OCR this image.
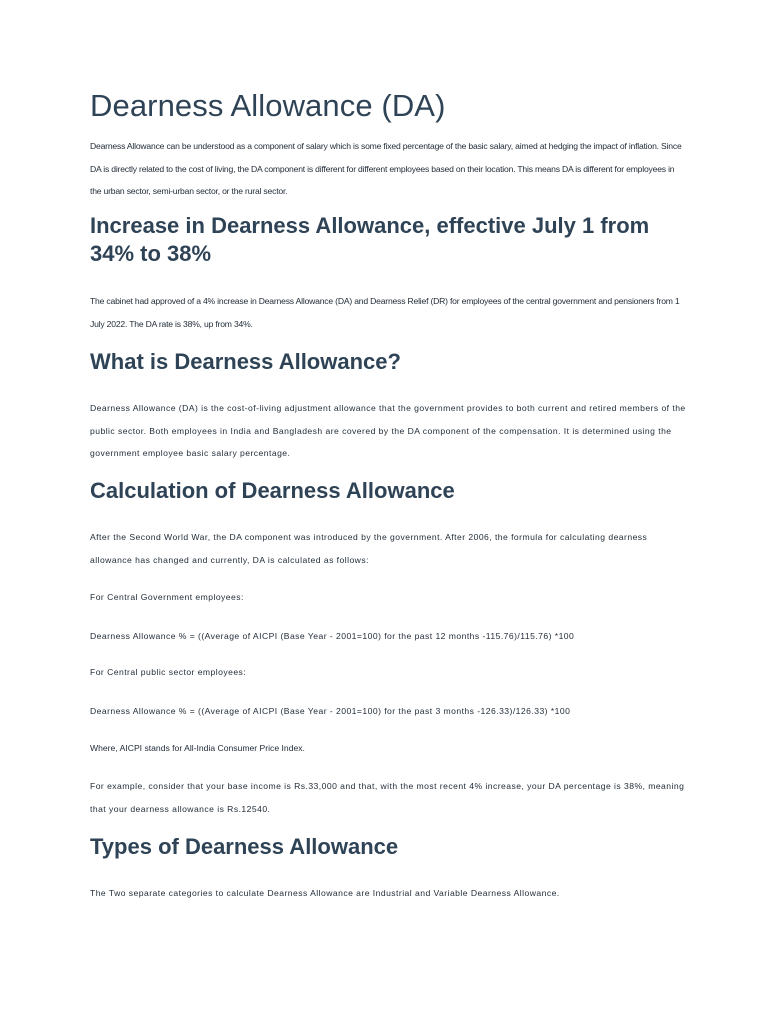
Dearness Allowance (DA)

Dearness Allowance can be understood as a component of salary which is some fixed percentage of the basic salary, aimed at hedging the impact of inflation. Since DA is directly related to the cost of living, the DA component is different for different employees based on their location. This means DA is different for employees in the urban sector, semi-urban sector, or the rural sector.

Increase in Dearness Allowance, effective July 1 from 34% to 38%

The cabinet had approved of a 4% increase in Dearness Allowance (DA) and Dearness Relief (DR) for employees of the central government and pensioners from 1 July 2022. The DA rate is 38%, up from 34%.

What is Dearness Allowance?

Dearness Allowance (DA) is the cost-of-living adjustment allowance that the government provides to both current and retired members of the public sector. Both employees in India and Bangladesh are covered by the DA component of the compensation. It is determined using the government employee basic salary percentage.

Calculation of Dearness Allowance

After the Second World War, the DA component was introduced by the government. After 2006, the formula for calculating dearness allowance has changed and currently, DA is calculated as follows:

For Central Government employees:

Dearness Allowance % = ((Average of AICPI (Base Year - 2001=100) for the past 12 months -115.76)/115.76) *100

For Central public sector employees:

Dearness Allowance % = ((Average of AICPI (Base Year - 2001=100) for the past 3 months -126.33)/126.33) *100

Where, AICPI stands for All-India Consumer Price Index.

For example, consider that your base income is Rs.33,000 and that, with the most recent 4% increase, your DA percentage is 38%, meaning that your dearness allowance is Rs.12540.

Types of Dearness Allowance

The Two separate categories to calculate Dearness Allowance are Industrial and Variable Dearness Allowance.
